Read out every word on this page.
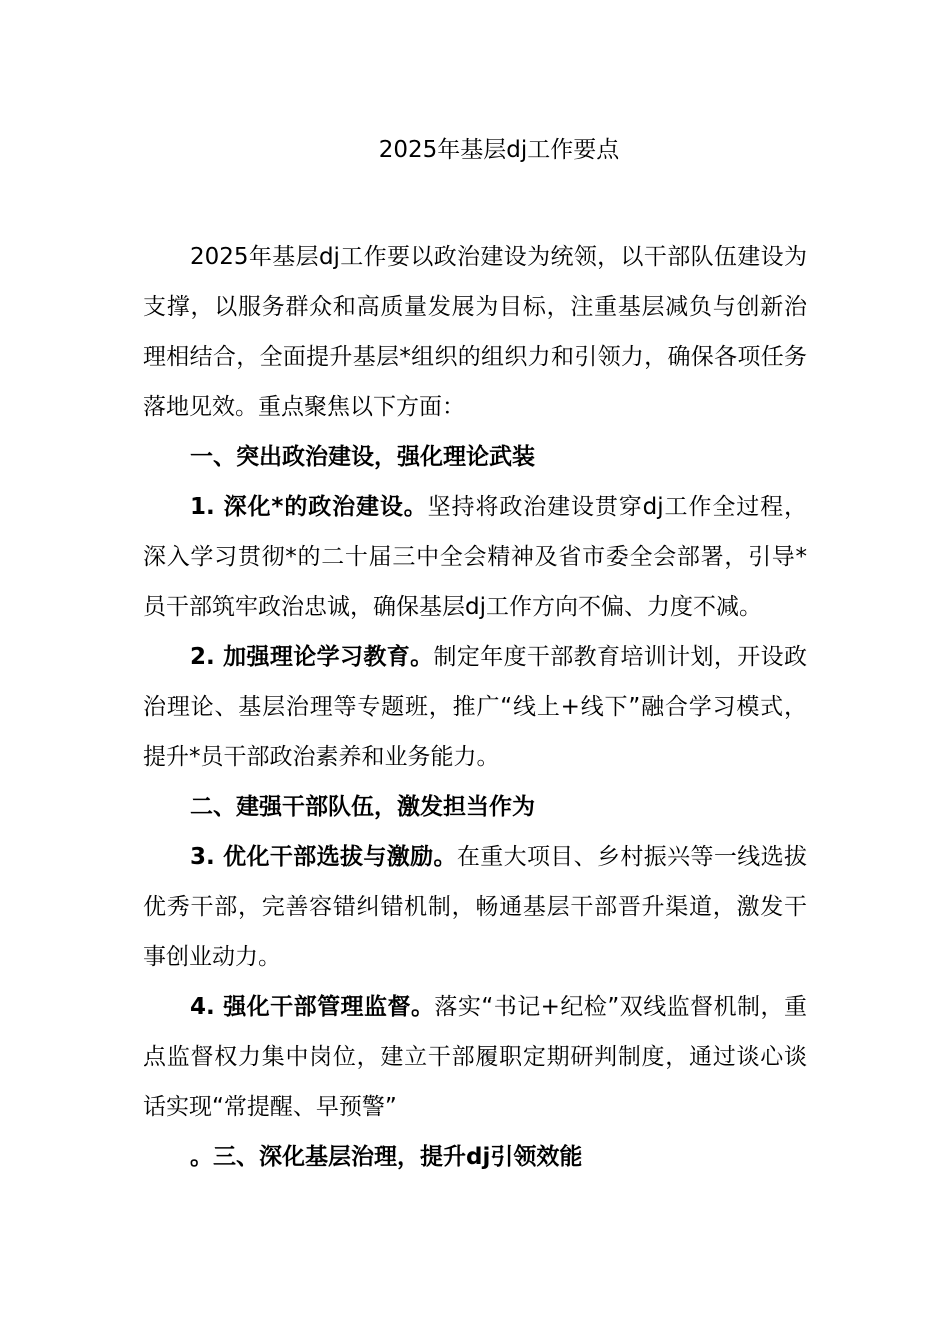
2025年基层dj工作要点

2025年基层dj工作要以政治建设为统领，以干部队伍建设为支撑，以服务群众和高质量发展为目标，注重基层减负与创新治理相结合，全面提升基层*组织的组织力和引领力，确保各项任务落地见效。重点聚焦以下方面：

一、突出政治建设，强化理论武装

1. 深化*的政治建设。坚持将政治建设贯穿dj工作全过程，深入学习贯彻*的二十届三中全会精神及省市委全会部署，引导*员干部筑牢政治忠诚，确保基层dj工作方向不偏、力度不减。

2. 加强理论学习教育。制定年度干部教育培训计划，开设政治理论、基层治理等专题班，推广“线上+线下”融合学习模式，提升*员干部政治素养和业务能力。

二、建强干部队伍，激发担当作为

3. 优化干部选拔与激励。在重大项目、乡村振兴等一线选拔优秀干部，完善容错纠错机制，畅通基层干部晋升渠道，激发干事创业动力。

4. 强化干部管理监督。落实“书记+纪检”双线监督机制，重点监督权力集中岗位，建立干部履职定期研判制度，通过谈心谈话实现“常提醒、早预警”

。三、深化基层治理，提升dj引领效能
